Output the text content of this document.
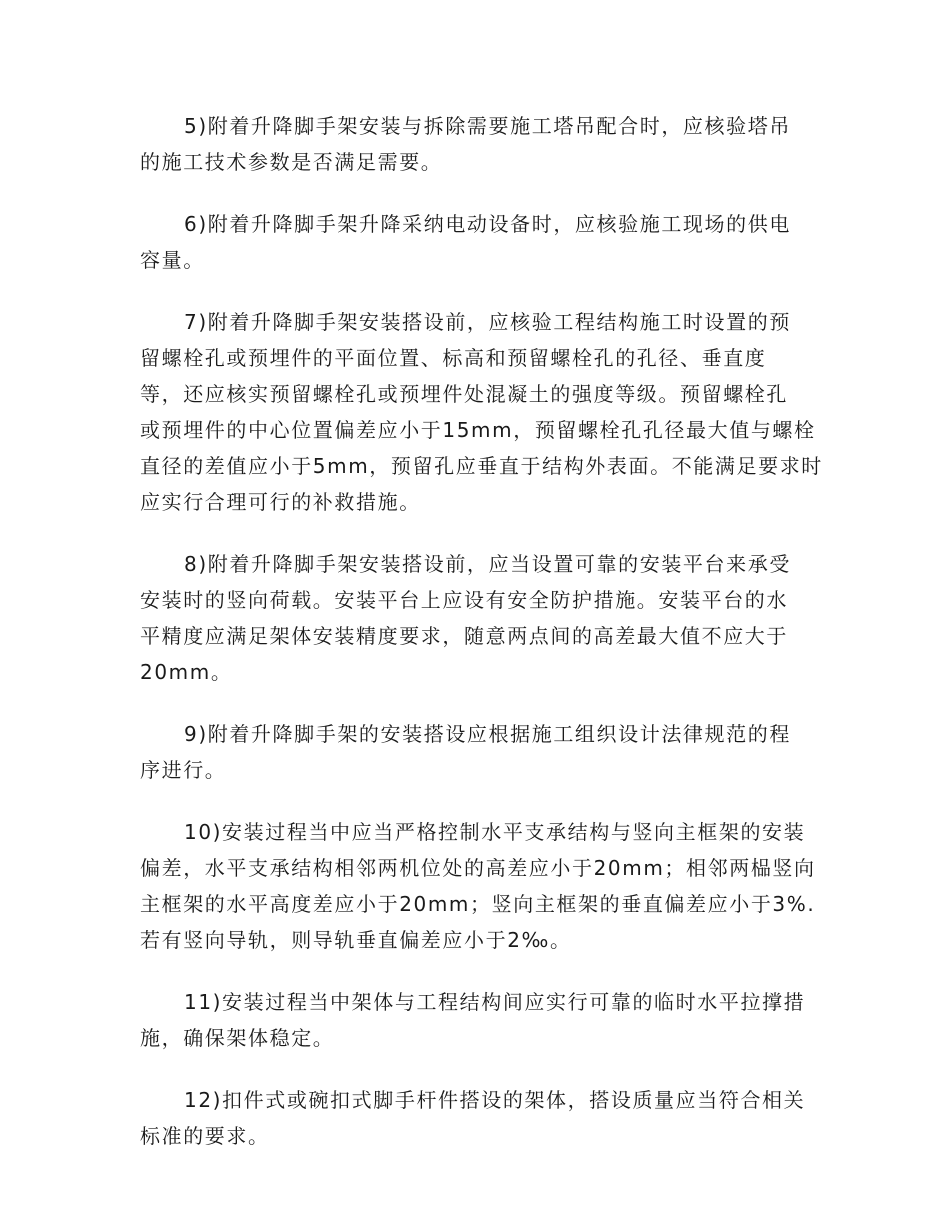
5)附着升降脚手架安装与拆除需要施工塔吊配合时，应核验塔吊
的施工技术参数是否满足需要。

6)附着升降脚手架升降采纳电动设备时，应核验施工现场的供电
容量。

7)附着升降脚手架安装搭设前，应核验工程结构施工时设置的预
留螺栓孔或预埋件的平面位置、标高和预留螺栓孔的孔径、垂直度
等，还应核实预留螺栓孔或预埋件处混凝土的强度等级。预留螺栓孔
或预埋件的中心位置偏差应小于15mm，预留螺栓孔孔径最大值与螺栓
直径的差值应小于5mm，预留孔应垂直于结构外表面。不能满足要求时
应实行合理可行的补救措施。

8)附着升降脚手架安装搭设前，应当设置可靠的安装平台来承受
安装时的竖向荷载。安装平台上应设有安全防护措施。安装平台的水
平精度应满足架体安装精度要求，随意两点间的高差最大值不应大于
20mm。

9)附着升降脚手架的安装搭设应根据施工组织设计法律规范的程
序进行。

10)安装过程当中应当严格控制水平支承结构与竖向主框架的安装
偏差，水平支承结构相邻两机位处的高差应小于20mm；相邻两榀竖向
主框架的水平高度差应小于20mm；竖向主框架的垂直偏差应小于3%.
若有竖向导轨，则导轨垂直偏差应小于2‰。

11)安装过程当中架体与工程结构间应实行可靠的临时水平拉撑措
施，确保架体稳定。

12)扣件式或碗扣式脚手杆件搭设的架体，搭设质量应当符合相关
标准的要求。
